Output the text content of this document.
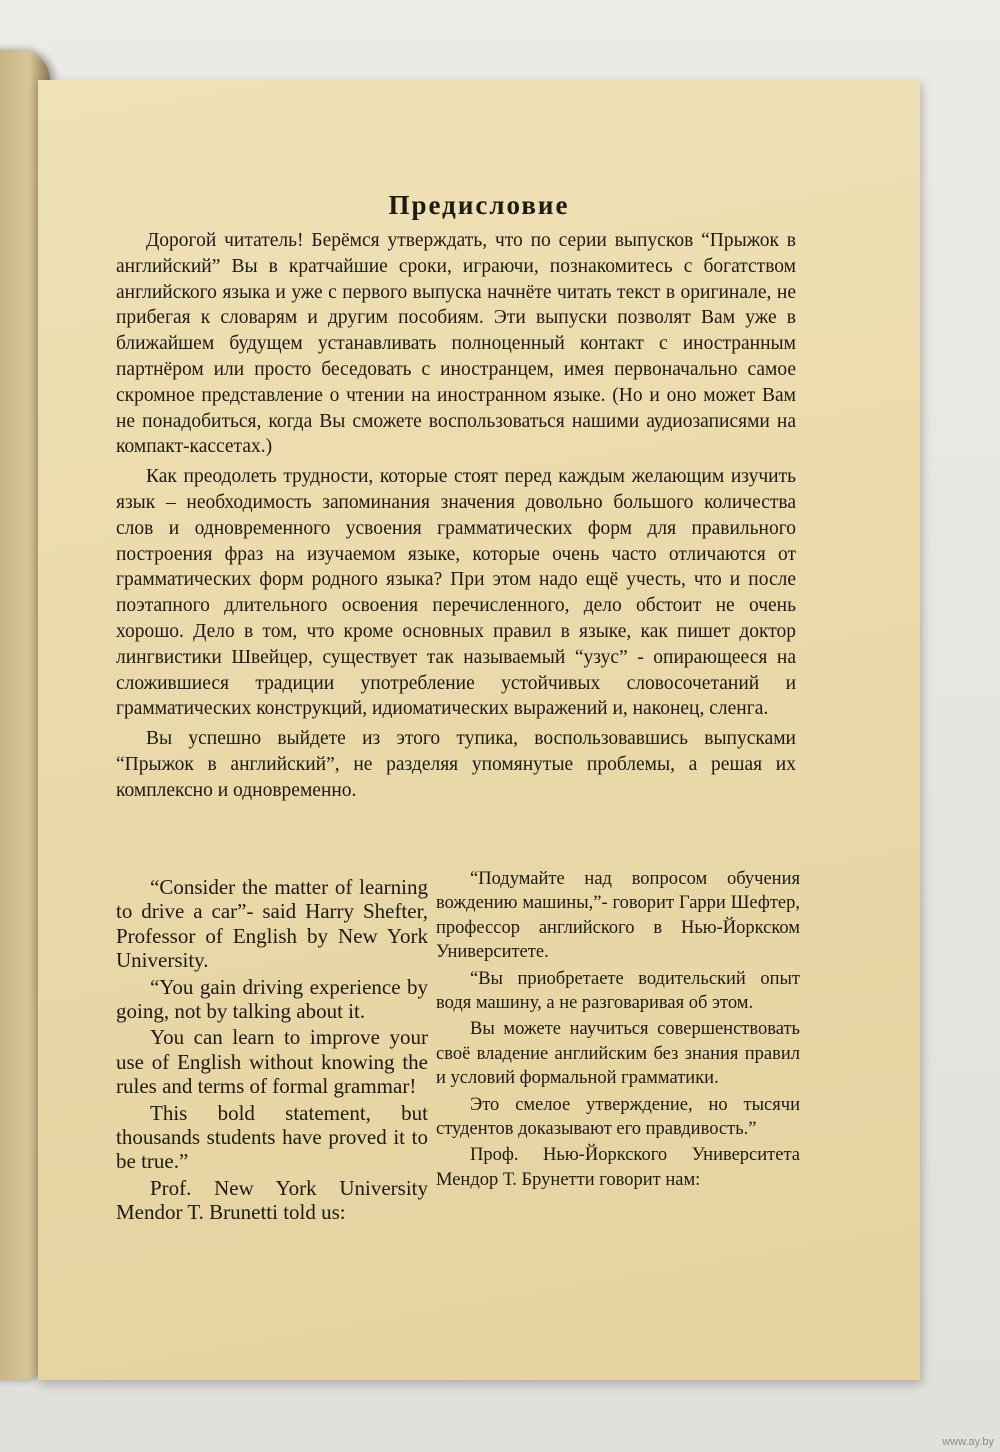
Предисловие

Дорогой читатель! Берёмся утверждать, что по серии выпусков “Прыжок в английский” Вы в кратчайшие сроки, играючи, познакомитесь с богатством английского языка и уже с первого выпуска начнёте читать текст в оригинале, не прибегая к словарям и другим пособиям. Эти выпуски позволят Вам уже в ближайшем будущем устанавливать полноценный контакт с иностранным партнёром или просто беседовать с иностранцем, имея первоначально самое скромное представление о чтении на иностранном языке. (Но и оно может Вам не понадобиться, когда Вы сможете воспользоваться нашими аудиозаписями на компакт-кассетах.)

Как преодолеть трудности, которые стоят перед каждым желающим изучить язык – необходимость запоминания значения довольно большого количества слов и одновременного усвоения грамматических форм для правильного построения фраз на изучаемом языке, которые очень часто отличаются от грамматических форм родного языка? При этом надо ещё учесть, что и после поэтапного длительного освоения перечисленного, дело обстоит не очень хорошо. Дело в том, что кроме основных правил в языке, как пишет доктор лингвистики Швейцер, существует так называемый “узус” - опирающееся на сложившиеся традиции употребление устойчивых словосочетаний и грамматических конструкций, идиоматических выражений и, наконец, сленга.

Вы успешно выйдете из этого тупика, воспользовавшись выпусками “Прыжок в английский”, не разделяя упомянутые проблемы, а решая их комплексно и одновременно.

“Consider the matter of learning to drive a car”- said Harry Shefter, Professor of English by New York University.

“You gain driving experience by going, not by talking about it.

You can learn to improve your use of English without knowing the rules and terms of formal grammar!

This bold statement, but thousands students have proved it to be true.”

Prof. New York University Mendor T. Brunetti told us:

“Подумайте над вопросом обучения вождению машины,”- говорит Гарри Шефтер, профессор английского в Нью-Йоркском Университете.

“Вы приобретаете водительский опыт водя машину, а не разговаривая об этом.

Вы можете научиться совершенствовать своё владение английским без знания правил и условий формальной грамматики.

Это смелое утверждение, но тысячи студентов доказывают его правдивость.”

Проф. Нью-Йоркского Университета Мендор Т. Брунетти говорит нам:

www.ay.by
